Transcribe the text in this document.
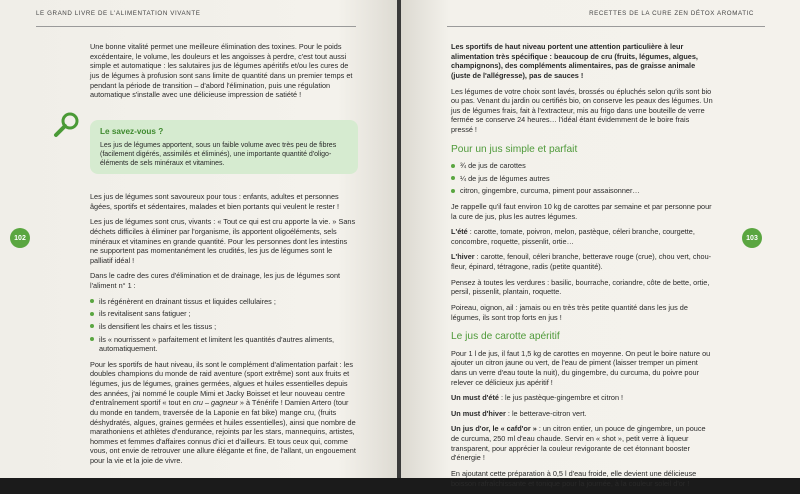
LE GRAND LIVRE DE L'ALIMENTATION VIVANTE

Une bonne vitalité permet une meilleure élimination des toxines. Pour le poids excédentaire, le volume, les douleurs et les angoisses à perdre, c'est tout aussi simple et automatique : les salutaires jus de légumes apéritifs et/ou les cures de jus de légumes à profusion sont sans limite de quantité dans un premier temps et pendant la période de transition – d'abord l'élimination, puis une régulation automatique s'installe avec une délicieuse impression de satiété !

Le savez-vous ?
Les jus de légumes apportent, sous un faible volume avec très peu de fibres (facilement digérés, assimilés et éliminés), une importante quantité d'oligo-éléments de sels minéraux et vitamines.

Les jus de légumes sont savoureux pour tous : enfants, adultes et personnes âgées, sportifs et sédentaires, malades et bien portants qui veulent le rester !

Les jus de légumes sont crus, vivants : « Tout ce qui est cru apporte la vie. » Sans déchets difficiles à éliminer par l'organisme, ils apportent oligoéléments, sels minéraux et vitamines en grande quantité. Pour les personnes dont les intestins ne supportent pas momentanément les crudités, les jus de légumes sont le palliatif idéal !

Dans le cadre des cures d'élimination et de drainage, les jus de légumes sont l'aliment n° 1 :

ils régénèrent en drainant tissus et liquides cellulaires ;
ils revitalisent sans fatiguer ;
ils densifient les chairs et les tissus ;
ils « nourrissent » parfaitement et limitent les quantités d'autres aliments, automatiquement.

Pour les sportifs de haut niveau, ils sont le complément d'alimentation parfait : les doubles champions du monde de raid aventure (sport extrême) sont aux fruits et légumes, jus de légumes, graines germées, algues et huiles essentielles depuis des années, j'ai nommé le couple Mimi et Jacky Boisset et leur nouveau centre d'entraînement sportif « tout en cru – gagneur » à Ténérife ! Damien Artero (tour du monde en tandem, traversée de la Laponie en fat bike) mange cru, (fruits déshydratés, algues, graines germées et huiles essentielles), ainsi que nombre de marathoniens et athlètes d'endurance, rejoints par les stars, mannequins, artistes, hommes et femmes d'affaires connus d'ici et d'ailleurs. Et tous ceux qui, comme vous, ont envie de retrouver une allure élégante et fine, de l'allant, un engouement pour la vie et la joie de vivre.

102
RECETTES DE LA CURE ZEN DÉTOX AROMATIC

Les sportifs de haut niveau portent une attention particulière à leur alimentation très spécifique : beaucoup de cru (fruits, légumes, algues, champignons), des compléments alimentaires, pas de graisse animale (juste de l'allégresse), pas de sauces !

Les légumes de votre choix sont lavés, brossés ou épluchés selon qu'ils sont bio ou pas. Venant du jardin ou certifiés bio, on conserve les peaux des légumes. Un jus de légumes frais, fait à l'extracteur, mis au frigo dans une bouteille de verre fermée se conserve 24 heures… l'idéal étant évidemment de le boire frais pressé !

Pour un jus simple et parfait
¾ de jus de carottes
¼ de jus de légumes autres
citron, gingembre, curcuma, piment pour assaisonner…

Je rappelle qu'il faut environ 10 kg de carottes par semaine et par personne pour la cure de jus, plus les autres légumes.

L'été : carotte, tomate, poivron, melon, pastèque, céleri branche, courgette, concombre, roquette, pissenlit, ortie…

L'hiver : carotte, fenouil, céleri branche, betterave rouge (crue), chou vert, chou-fleur, épinard, tétragone, radis (petite quantité).

Pensez à toutes les verdures : basilic, bourrache, coriandre, côte de bette, ortie, persil, pissenlit, plantain, roquette.

Poireau, oignon, ail : jamais ou en très très petite quantité dans les jus de légumes, ils sont trop forts en jus !

Le jus de carotte apéritif

Pour 1 l de jus, il faut 1,5 kg de carottes en moyenne. On peut le boire nature ou ajouter un citron jaune ou vert, de l'eau de piment (laisser tremper un piment dans un verre d'eau toute la nuit), du gingembre, du curcuma, du poivre pour relever ce délicieux jus apéritif !

Un must d'été : le jus pastèque-gingembre et citron !

Un must d'hiver : le betterave-citron vert.

Un jus d'or, le « cafd'or » : un citron entier, un pouce de gingembre, un pouce de curcuma, 250 ml d'eau chaude. Servir en « shot », petit verre à liqueur transparent, pour apprécier la couleur revigorante de cet étonnant booster d'énergie !

En ajoutant cette préparation à 0,5 l d'eau froide, elle devient une délicieuse boisson rafraîchissante et tonique pour la journée, à la couleur soleil d'or !

103
